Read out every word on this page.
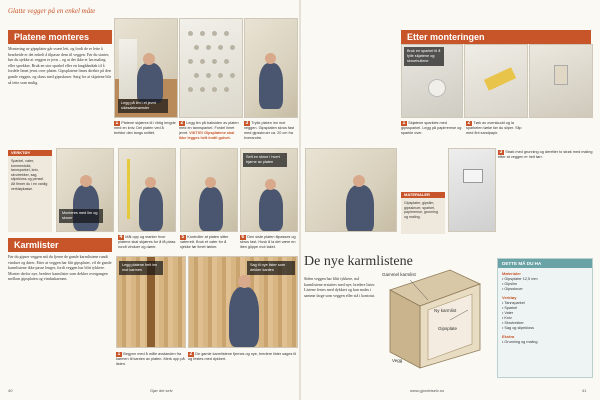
Glatte vegger på en enkel måte
Platene monteres	Etter monteringen
Karmlister
Montering av gipsplater går svært lett, og fordi de er lette å bearbeide er det enkelt å tilpasse dem til veggen. Før du starter, bør du sjekke at veggen er jevn – og at det ikke er løs maling eller sprekker. Bruk en stor sparkel eller en langhåndtak til å fordele limet jevnt over platen. Gipsplatene limes direkte på den gamle veggen, og skrus med gipsskruer. Sørg for at skjøtene blir så tette som mulig.
Legg på lim i et jevnt sikksakkmønster
Bruk en sparkel til å fylle skjøtene og skruehullene
1 Platene skjæres til i riktig lengde med en kniv. Del platen ved å brekke den langs snittet.
2 Legg lim på baksiden av platen med en tannsparkel. Fordel limet jevnt. VIKTIG! Gipsplatene skal ikke legges helt inntil gulvet.
3 Trykk platen inn mot veggen. Gipsplaten skrus fast med gipsskruer ca. 20 cm fra hverandre.
1 Skjøtene sparkles med gipssparkel. Legg på papirremse og sparkle over.
2 Tørk av overskudd og la sparkelen tørke før du sliper. Slip med fint sandpapir.
VERKTØY
Sparkel, vater, tommestokk, tannsparkel, kniv, skrutrekker, sag, slipekloss og pensel. Alt finner du i en vanlig verktøykasse.
Monteres med lim og skruer
Sett en skrue i hvert hjørne av platen
MATERIALER
Gipsplater, gipslim, gipsskruer, sparkel, papirremse, grunning og maling.
3 Strøk med grunning og deretter to strøk med maling etter at veggen er helt tørr.
4 Mål opp og marker hvor platene skal skjæres for å få plass rundt vinduer og dører.
5 Kontroller at platen sitter vaterrett. Bruk et vater for å sjekke før limet tørker.
6 Den siste platen tilpasses og skrus fast. Husk å la det være en liten glippe mot taket.
Før du gipser veggen må du fjerne de gamle karmlistene rundt vinduer og dører. Etter at veggen har fått gipsplater, vil de gamle karmlistene ikke passe lenger, fordi veggen har blitt tykkere. Monter derfor nye, bredere karmlister som dekker overgangen mellom gipsplaten og vinduskarmen.
Legg platene helt inn mot karmen
Sag til nye lister som dekker kanten
1 Begynn med å måle avstanden fra karmen til kanten av platen. Merk opp på listen.
2 De gamle karmlistene fjernes og nye, bredere lister sages til og festes med dykkert.
De nye karmlistene
Siden veggen har blitt tykkere, må karmlistene erstattes med nye, bredere lister. Listene festes med dykkert og kan males i samme farge som veggen eller stå i kontrast.
Gammel karmlist
Ny karmlist
Gipsplate
Vegg
DETTE MÅ DU HA
Materialer
• Gipsplater 12,5 mm
• Gipslim
• Gipsskruer
Verktøy
• Tannsparkel
• Sparkel
• Vater
• Kniv
• Skrutrekker
• Sag og slipekloss
Ekstra
• Grunning og maling
40	Gjør det selv	www.gjordetselv.no	41
